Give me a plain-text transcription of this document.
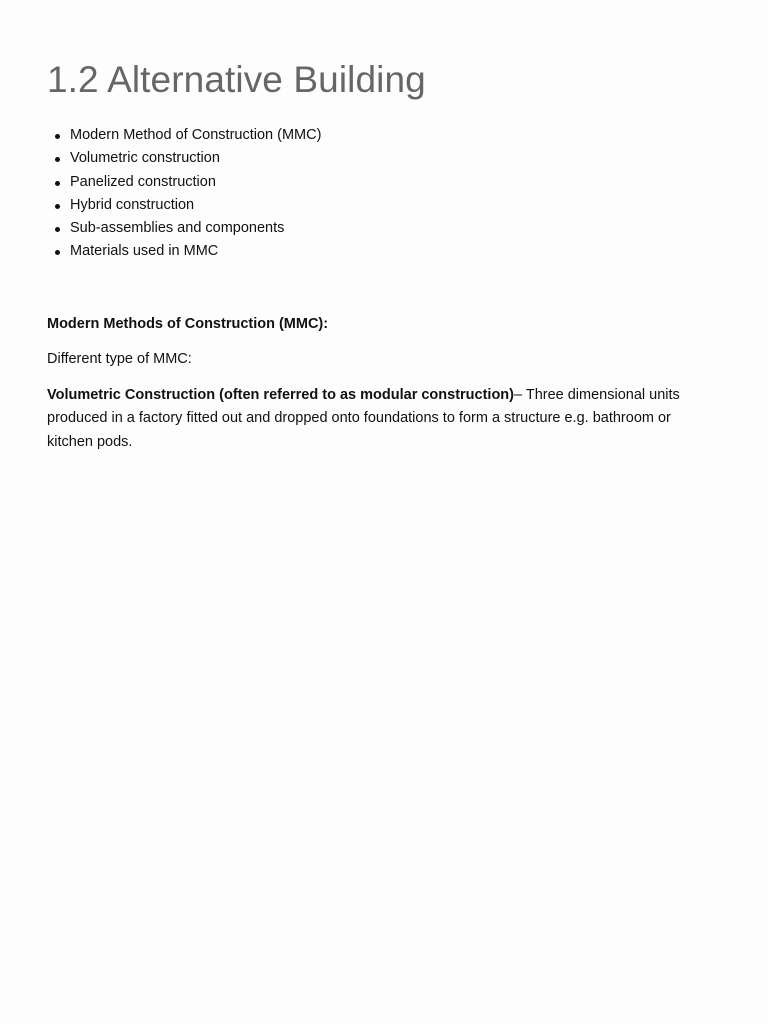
1.2 Alternative Building
Modern Method of Construction (MMC)
Volumetric construction
Panelized construction
Hybrid construction
Sub-assemblies and components
Materials used in MMC

Modern Methods of Construction (MMC):

Different type of MMC:

Volumetric Construction (often referred to as modular construction)– Three dimensional units produced in a factory fitted out and dropped onto foundations to form a structure e.g. bathroom or kitchen pods.
